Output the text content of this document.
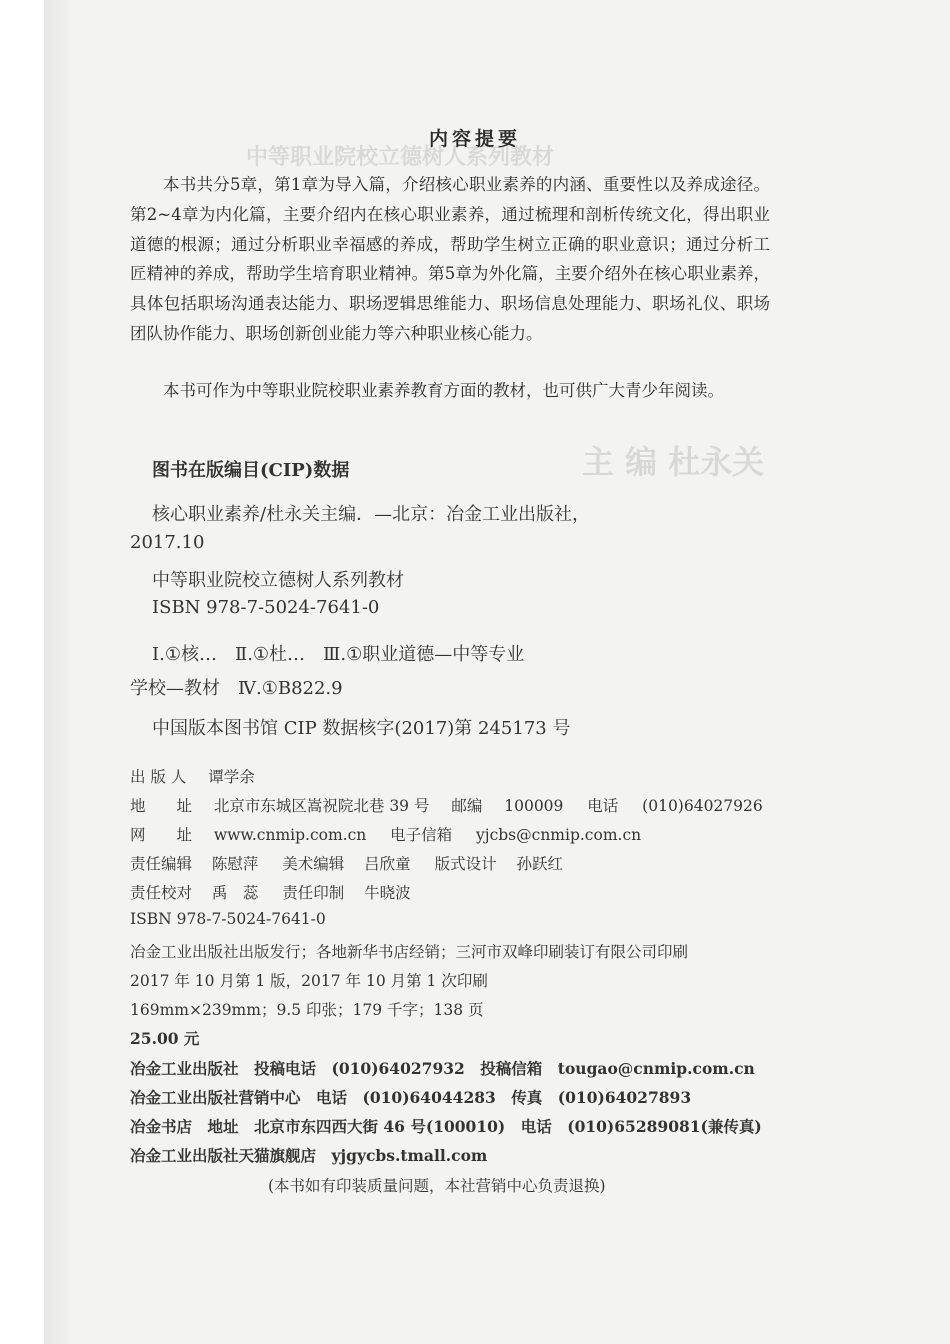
中等职业院校立德树人系列教材
主 编 杜永关
内容提要

本书共分5章，第1章为导入篇，介绍核心职业素养的内涵、重要性以及养成途径。第2~4章为内化篇，主要介绍内在核心职业素养，通过梳理和剖析传统文化，得出职业道德的根源；通过分析职业幸福感的养成，帮助学生树立正确的职业意识；通过分析工匠精神的养成，帮助学生培育职业精神。第5章为外化篇，主要介绍外在核心职业素养，具体包括职场沟通表达能力、职场逻辑思维能力、职场信息处理能力、职场礼仪、职场团队协作能力、职场创新创业能力等六种职业核心能力。

本书可作为中等职业院校职业素养教育方面的教材，也可供广大青少年阅读。

图书在版编目(CIP)数据
核心职业素养/杜永关主编．—北京：冶金工业出版社，
2017.10
中等职业院校立德树人系列教材
ISBN 978-7-5024-7641-0
Ⅰ.①核…　Ⅱ.①杜…　Ⅲ.①职业道德—中等专业
学校—教材　Ⅳ.①B822.9
中国版本图书馆 CIP 数据核字(2017)第 245173 号
出 版 人 谭学余
地　　址 北京市东城区嵩祝院北巷 39 号 邮编 100009 电话 (010)64027926
网　　址 www.cnmip.com.cn 电子信箱 yjcbs@cnmip.com.cn
责任编辑 陈慰萍 美术编辑 吕欣童 版式设计 孙跃红
责任校对 禹　蕊 责任印制 牛晓波
ISBN 978-7-5024-7641-0
冶金工业出版社出版发行；各地新华书店经销；三河市双峰印刷装订有限公司印刷
2017 年 10 月第 1 版，2017 年 10 月第 1 次印刷
169mm×239mm；9.5 印张；179 千字；138 页
25.00 元
冶金工业出版社　投稿电话　(010)64027932　投稿信箱　tougao@cnmip.com.cn
冶金工业出版社营销中心　电话　(010)64044283　传真　(010)64027893
冶金书店　地址　北京市东四西大街 46 号(100010)　电话　(010)65289081(兼传真)
冶金工业出版社天猫旗舰店　yjgycbs.tmall.com
(本书如有印装质量问题，本社营销中心负责退换)
